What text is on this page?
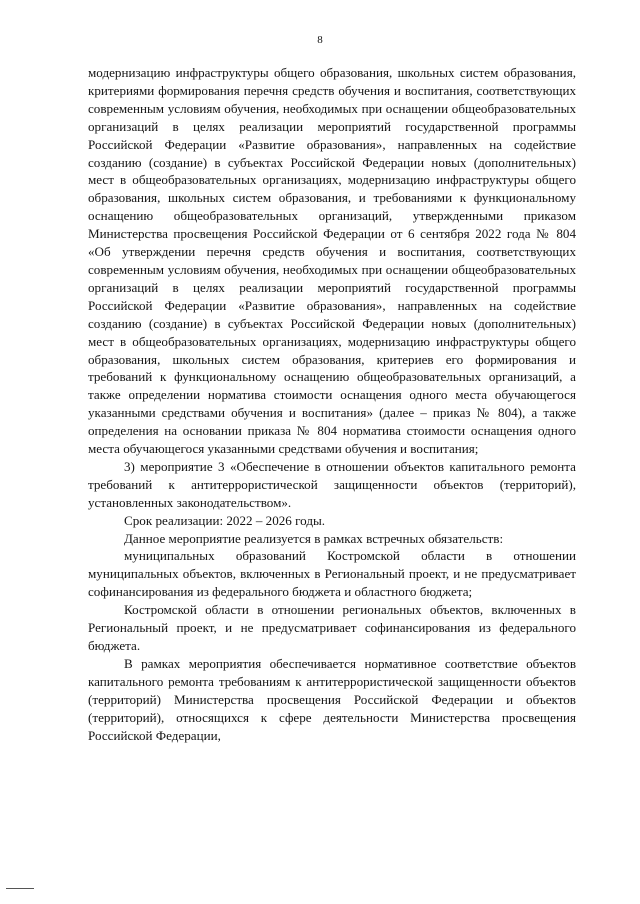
8

модернизацию инфраструктуры общего образования, школьных систем образования, критериями формирования перечня средств обучения и воспитания, соответствующих современным условиям обучения, необходимых при оснащении общеобразовательных организаций в целях реализации мероприятий государственной программы Российской Федерации «Развитие образования», направленных на содействие созданию (создание) в субъектах Российской Федерации новых (дополнительных) мест в общеобразовательных организациях, модернизацию инфраструктуры общего образования, школьных систем образования, и требованиями к функциональному оснащению общеобразовательных организаций, утвержденными приказом Министерства просвещения Российской Федерации от 6 сентября 2022 года № 804 «Об утверждении перечня средств обучения и воспитания, соответствующих современным условиям обучения, необходимых при оснащении общеобразовательных организаций в целях реализации мероприятий государственной программы Российской Федерации «Развитие образования», направленных на содействие созданию (создание) в субъектах Российской Федерации новых (дополнительных) мест в общеобразовательных организациях, модернизацию инфраструктуры общего образования, школьных систем образования, критериев его формирования и требований к функциональному оснащению общеобразовательных организаций, а также определении норматива стоимости оснащения одного места обучающегося указанными средствами обучения и воспитания» (далее – приказ № 804), а также определения на основании приказа № 804 норматива стоимости оснащения одного места обучающегося указанными средствами обучения и воспитания;

3) мероприятие 3 «Обеспечение в отношении объектов капитального ремонта требований к антитеррористической защищенности объектов (территорий), установленных законодательством».

Срок реализации: 2022 – 2026 годы.

Данное мероприятие реализуется в рамках встречных обязательств:

муниципальных образований Костромской области в отношении муниципальных объектов, включенных в Региональный проект, и не предусматривает софинансирования из федерального бюджета и областного бюджета;

Костромской области в отношении региональных объектов, включенных в Региональный проект, и не предусматривает софинансирования из федерального бюджета.

В рамках мероприятия обеспечивается нормативное соответствие объектов капитального ремонта требованиям к антитеррористической защищенности объектов (территорий) Министерства просвещения Российской Федерации и объектов (территорий), относящихся к сфере деятельности Министерства просвещения Российской Федерации,
